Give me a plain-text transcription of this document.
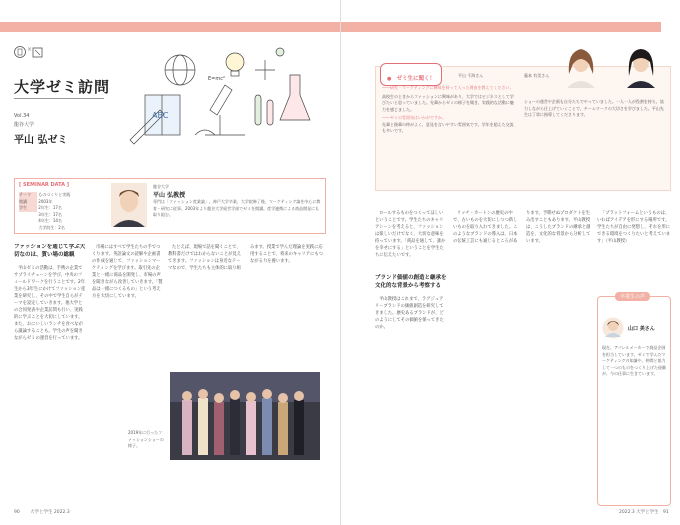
×
大学ゼミ訪問
Vol.34
龍谷大学
平山 弘ゼミ
E=mc²
ABC
[ SEMINAR DATA ]
テーマ ものづくりと実践
開講	2003年
学生	2年生：17名
3年生：17名
4年生：14名
大学院生：2名
龍谷大学
平山 弘教授
専門は「ファッション産業論」。神戸大学卒業、大学院修了後、マーケティング論を中心に教育・研究に従事。2003年より龍谷大学経営学部でゼミを開講。産学連携による商品開発にも取り組む。
ファッションを通じて学ぶ大切なのは、質い場の総観
平山ゼミの活動は、手携の企業でサプライチェーンを学び、中央のフィールドワークを行うことです。2年生から3年生にかけてファッション産業を研究し、その中で学生自らがテーマを設定していきます。他大学との合同発表や企業訪問も行い、実践的に学ぶことを大切にしています。また、おにいしいランチを食べながら議論することも。学生の声を聞きながらゼミの運営を行っています。
市場にはすべて学生たちの手でつくります。英語論文の読解や企画書の作成を通じて、ファッションマーケティングを学びます。取引先の企業と一緒に商品を開発し、市場の声を聞きながら改善していきます。「製品は一緒につくるもの」という考え方を大切にしています。
たとえば、現場で話を聞くことで、教科書だけではわからないことが見えてきます。ファッションは身近なテーマなので、学生たちも主体的に取り組みます。授業で学んだ理論を実践に応用することで、将来のキャリアにもつながる力を養います。
2019年に行ったファッションショーの様子。
90 大学と学生 2022.3
● ゼミ生に聞く！
平山 千海さん	藤本 有美さん
――研究・マーケティングに興味を持って入った理由を教えてください。
高校生のときからファッションに興味があり、大学ではビジネスとして学びたいと思っていました。先輩からゼミの様子を聞き、実践的な活動に魅力を感じました。
――ゼミの雰囲気はいかがですか。
先輩と後輩の仲がよく、意見を言いやすい雰囲気です。学年を超えた交流も多いです。
ショーの運営や企画も自分たちでやっていました。一人一人が役割を持ち、協力しながら仕上げていくことで、チームワークの大切さを学びました。平山先生は丁寧に指導してくださります。
ロールするものをつくってほしいということです。学生たちのキャリアシーンを考えると、ファッションは楽しいだけでなく、大切な意味を持っています。「商品を通して、誰かを幸せにする」ということを学生たちに伝えたいです。
ブランド価値の創造と継承を文化的な背景から考察する
平山教授はこれまで、ラグジュアリーブランドの価値創造を研究してきました。歴史あるブランドが、どのようにしてその価値を保ってきたのか。
リッチ・カートンの歴史の中で、古いものを大切にしつつ新しいものを取り入れてきました。このようなブランドの導入は、日本の伝統工芸にも通じるところがあります。予期せぬプロダクトを生み出すこともあります。平山教授は、こうしたブランドの継承と創造を、文化的な背景から分析しています。
「プラットフォームというものは、いわばアイデアを形にする場所です。学生たちが自由に発想し、それを形にできる環境をつくりたいと考えています」（平山教授）
卒業生の声
山口 美さん
現在、アパレルメーカーで商品企画を担当しています。ゼミで学んだマーケティングの知識や、仲間と協力して一つのものをつくり上げた経験が、今の仕事に生きています。
2022.3 大学と学生 91
